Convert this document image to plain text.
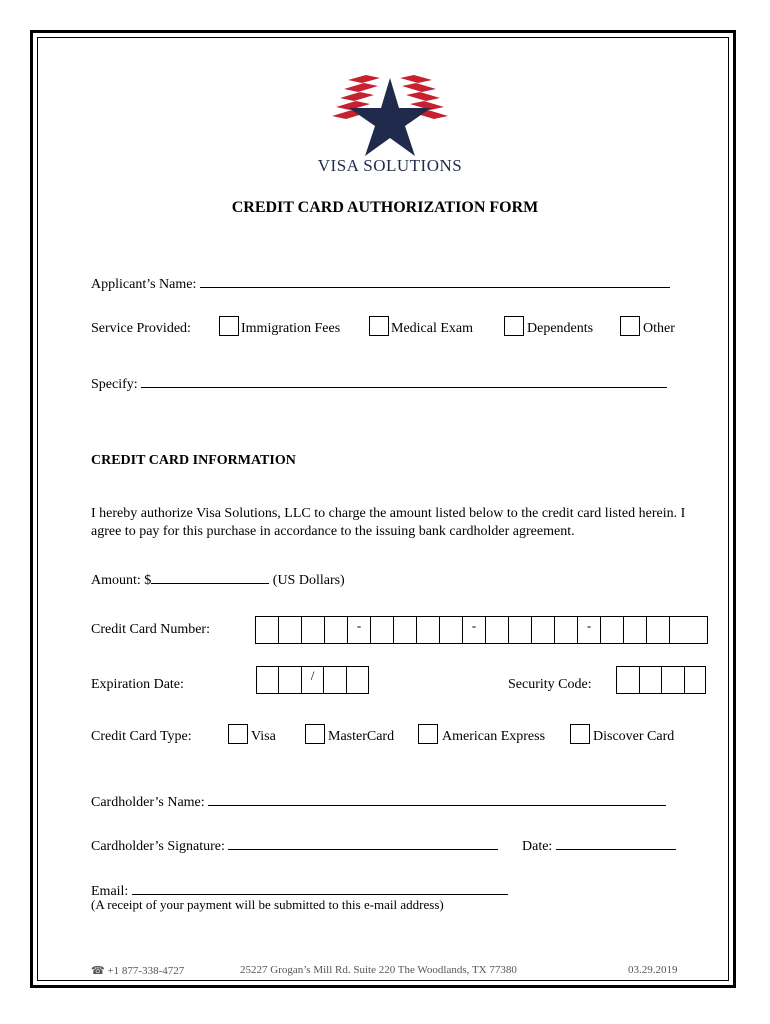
VISA SOLUTIONS
CREDIT CARD AUTHORIZATION FORM
Applicant’s Name:
Service Provided:	Immigration Fees	Medical Exam	Dependents	Other
Specify:
CREDIT CARD INFORMATION
I hereby authorize Visa Solutions, LLC to charge the amount listed below to the credit card listed herein. I agree to pay for this purchase in accordance to the issuing bank cardholder agreement.
Amount: $	(US Dollars)
Credit Card Number:	-	-	-
Expiration Date:
/
Security Code:
Credit Card Type:	Visa	MasterCard	American Express	Discover Card
Cardholder’s Name:
Cardholder’s Signature:	Date:
Email:
(A receipt of your payment will be submitted to this e-mail address)
☎ +1 877-338-4727	25227 Grogan’s Mill Rd. Suite 220 The Woodlands, TX 77380	03.29.2019
